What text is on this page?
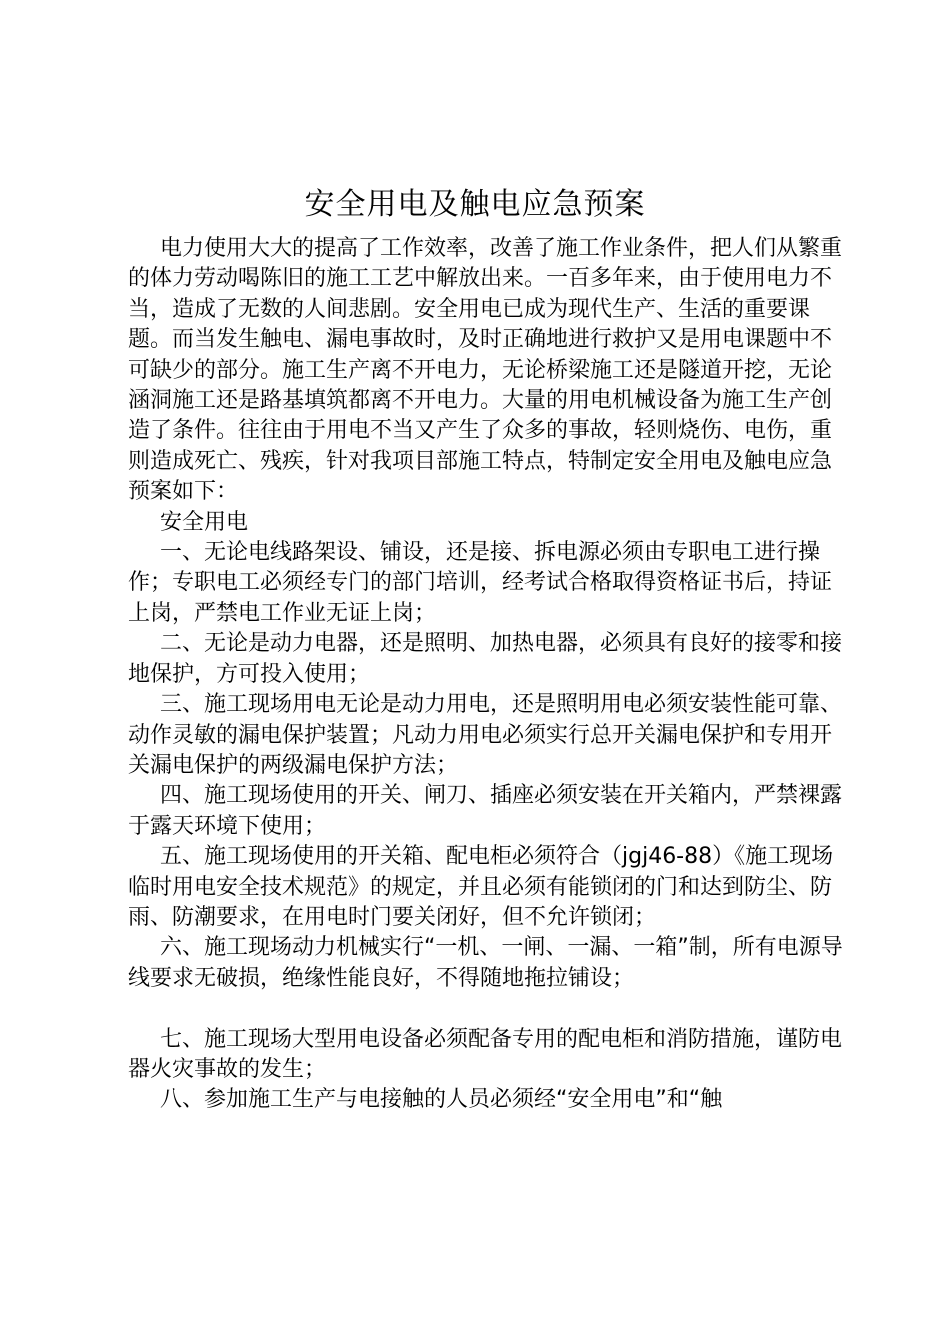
安全用电及触电应急预案

电力使用大大的提高了工作效率，改善了施工作业条件，把人们从繁重的体力劳动喝陈旧的施工工艺中解放出来。一百多年来，由于使用电力不当，造成了无数的人间悲剧。安全用电已成为现代生产、生活的重要课题。而当发生触电、漏电事故时，及时正确地进行救护又是用电课题中不可缺少的部分。施工生产离不开电力，无论桥梁施工还是隧道开挖，无论涵洞施工还是路基填筑都离不开电力。大量的用电机械设备为施工生产创造了条件。往往由于用电不当又产生了众多的事故，轻则烧伤、电伤，重则造成死亡、残疾，针对我项目部施工特点，特制定安全用电及触电应急预案如下：

安全用电

一、无论电线路架设、铺设，还是接、拆电源必须由专职电工进行操作；专职电工必须经专门的部门培训，经考试合格取得资格证书后，持证上岗，严禁电工作业无证上岗；

二、无论是动力电器，还是照明、加热电器，必须具有良好的接零和接地保护，方可投入使用；

三、施工现场用电无论是动力用电，还是照明用电必须安装性能可靠、动作灵敏的漏电保护装置；凡动力用电必须实行总开关漏电保护和专用开关漏电保护的两级漏电保护方法；

四、施工现场使用的开关、闸刀、插座必须安装在开关箱内，严禁裸露于露天环境下使用；

五、施工现场使用的开关箱、配电柜必须符合（jgj46-88）《施工现场临时用电安全技术规范》的规定，并且必须有能锁闭的门和达到防尘、防雨、防潮要求，在用电时门要关闭好，但不允许锁闭；

六、施工现场动力机械实行“一机、一闸、一漏、一箱”制，所有电源导线要求无破损，绝缘性能良好，不得随地拖拉铺设；

七、施工现场大型用电设备必须配备专用的配电柜和消防措施，谨防电器火灾事故的发生；

八、参加施工生产与电接触的人员必须经“安全用电”和“触
